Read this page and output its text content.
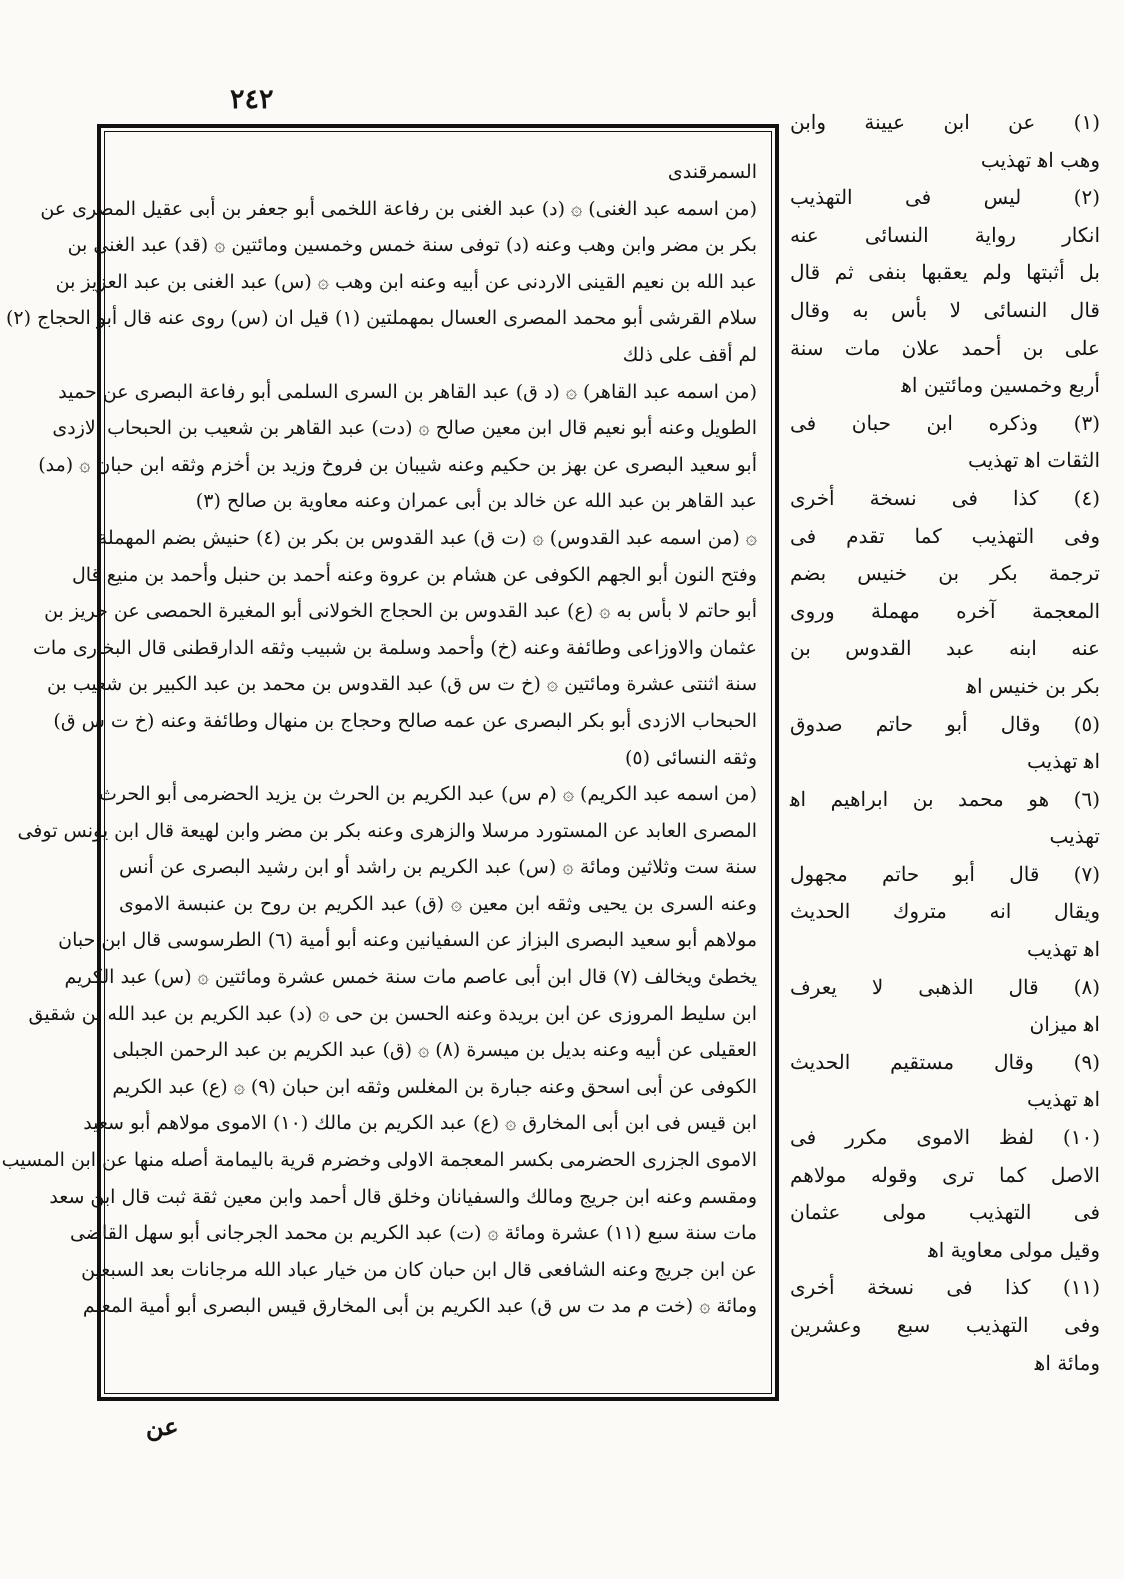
٢٤٢
السمرقندى
(من اسمه عبد الغنى) ۞ (د) عبد الغنى بن رفاعة اللخمى أبو جعفر بن أبى عقيل المصرى عن
بكر بن مضر وابن وهب وعنه (د) توفى سنة خمس وخمسين ومائتين ۞ (قد) عبد الغنى بن
عبد الله بن نعيم القينى الاردنى عن أبيه وعنه ابن وهب ۞ (س) عبد الغنى بن عبد العزيز بن
سلام القرشى أبو محمد المصرى العسال بمهملتين (١) قيل ان (س) روى عنه قال أبو الحجاج (٢)
لم أقف على ذلك
(من اسمه عبد القاهر) ۞ (د ق) عبد القاهر بن السرى السلمى أبو رفاعة البصرى عن حميد
الطويل وعنه أبو نعيم قال ابن معين صالح ۞ (دت) عبد القاهر بن شعيب بن الحبحاب الازدى
أبو سعيد البصرى عن بهز بن حكيم وعنه شيبان بن فروخ وزيد بن أخزم وثقه ابن حبان ۞ (مد)
عبد القاهر بن عبد الله عن خالد بن أبى عمران وعنه معاوية بن صالح (٣)
۞ (من اسمه عبد القدوس) ۞ (ت ق) عبد القدوس بن بكر بن (٤) حنيش بضم المهملة
وفتح النون أبو الجهم الكوفى عن هشام بن عروة وعنه أحمد بن حنبل وأحمد بن منيع قال
أبو حاتم لا بأس به ۞ (ع) عبد القدوس بن الحجاج الخولانى أبو المغيرة الحمصى عن حريز بن
عثمان والاوزاعى وطائفة وعنه (خ) وأحمد وسلمة بن شبيب وثقه الدارقطنى قال البخارى مات
سنة اثنتى عشرة ومائتين ۞ (خ ت س ق) عبد القدوس بن محمد بن عبد الكبير بن شعيب بن
الحبحاب الازدى أبو بكر البصرى عن عمه صالح وحجاج بن منهال وطائفة وعنه (خ ت س ق)
وثقه النسائى (٥)
(من اسمه عبد الكريم) ۞ (م س) عبد الكريم بن الحرث بن يزيد الحضرمى أبو الحرث
المصرى العابد عن المستورد مرسلا والزهرى وعنه بكر بن مضر وابن لهيعة قال ابن يونس توفى
سنة ست وثلاثين ومائة ۞ (س) عبد الكريم بن راشد أو ابن رشيد البصرى عن أنس
وعنه السرى بن يحيى وثقه ابن معين ۞ (ق) عبد الكريم بن روح بن عنبسة الاموى
مولاهم أبو سعيد البصرى البزاز عن السفيانين وعنه أبو أمية (٦) الطرسوسى قال ابن حبان
يخطئ ويخالف (٧) قال ابن أبى عاصم مات سنة خمس عشرة ومائتين ۞ (س) عبد الكريم
ابن سليط المروزى عن ابن بريدة وعنه الحسن بن حى ۞ (د) عبد الكريم بن عبد الله بن شقيق
العقيلى عن أبيه وعنه بديل بن ميسرة (٨) ۞ (ق) عبد الكريم بن عبد الرحمن الجبلى
الكوفى عن أبى اسحق وعنه جبارة بن المغلس وثقه ابن حبان (٩) ۞ (ع) عبد الكريم
ابن قيس فى ابن أبى المخارق ۞ (ع) عبد الكريم بن مالك (١٠) الاموى مولاهم أبو سعيد
الاموى الجزرى الحضرمى بكسر المعجمة الاولى وخضرم قرية باليمامة أصله منها عن ابن المسيب
ومقسم وعنه ابن جريج ومالك والسفيانان وخلق قال أحمد وابن معين ثقة ثبت قال ابن سعد
مات سنة سبع (١١) عشرة ومائة ۞ (ت) عبد الكريم بن محمد الجرجانى أبو سهل القاضى
عن ابن جريج وعنه الشافعى قال ابن حبان كان من خيار عباد الله مرجانات بعد السبعين
ومائة ۞ (خت م مد ت س ق) عبد الكريم بن أبى المخارق قيس البصرى أبو أمية المعلم
عن
(١) عن ابن عيينة وابن
وهب اﻫ تهذيب
(٢) ليس فى التهذيب
انكار رواية النسائى عنه
بل أثبتها ولم يعقبها بنفى ثم قال
قال النسائى لا بأس به وقال
على بن أحمد علان مات سنة
أربع وخمسين ومائتين اﻫ
(٣) وذكره ابن حبان فى
الثقات اﻫ تهذيب
(٤) كذا فى نسخة أخرى
وفى التهذيب كما تقدم فى
ترجمة بكر بن خنيس بضم
المعجمة آخره مهملة وروى
عنه ابنه عبد القدوس بن
بكر بن خنيس اﻫ
(٥) وقال أبو حاتم صدوق
اﻫ تهذيب
(٦) هو محمد بن ابراهيم اﻫ
تهذيب
(٧) قال أبو حاتم مجهول
ويقال انه متروك الحديث
اﻫ تهذيب
(٨) قال الذهبى لا يعرف
اﻫ ميزان
(٩) وقال مستقيم الحديث
اﻫ تهذيب
(١٠) لفظ الاموى مكرر فى
الاصل كما ترى وقوله مولاهم
فى التهذيب مولى عثمان
وقيل مولى معاوية اﻫ
(١١) كذا فى نسخة أخرى
وفى التهذيب سبع وعشرين
ومائة اﻫ
